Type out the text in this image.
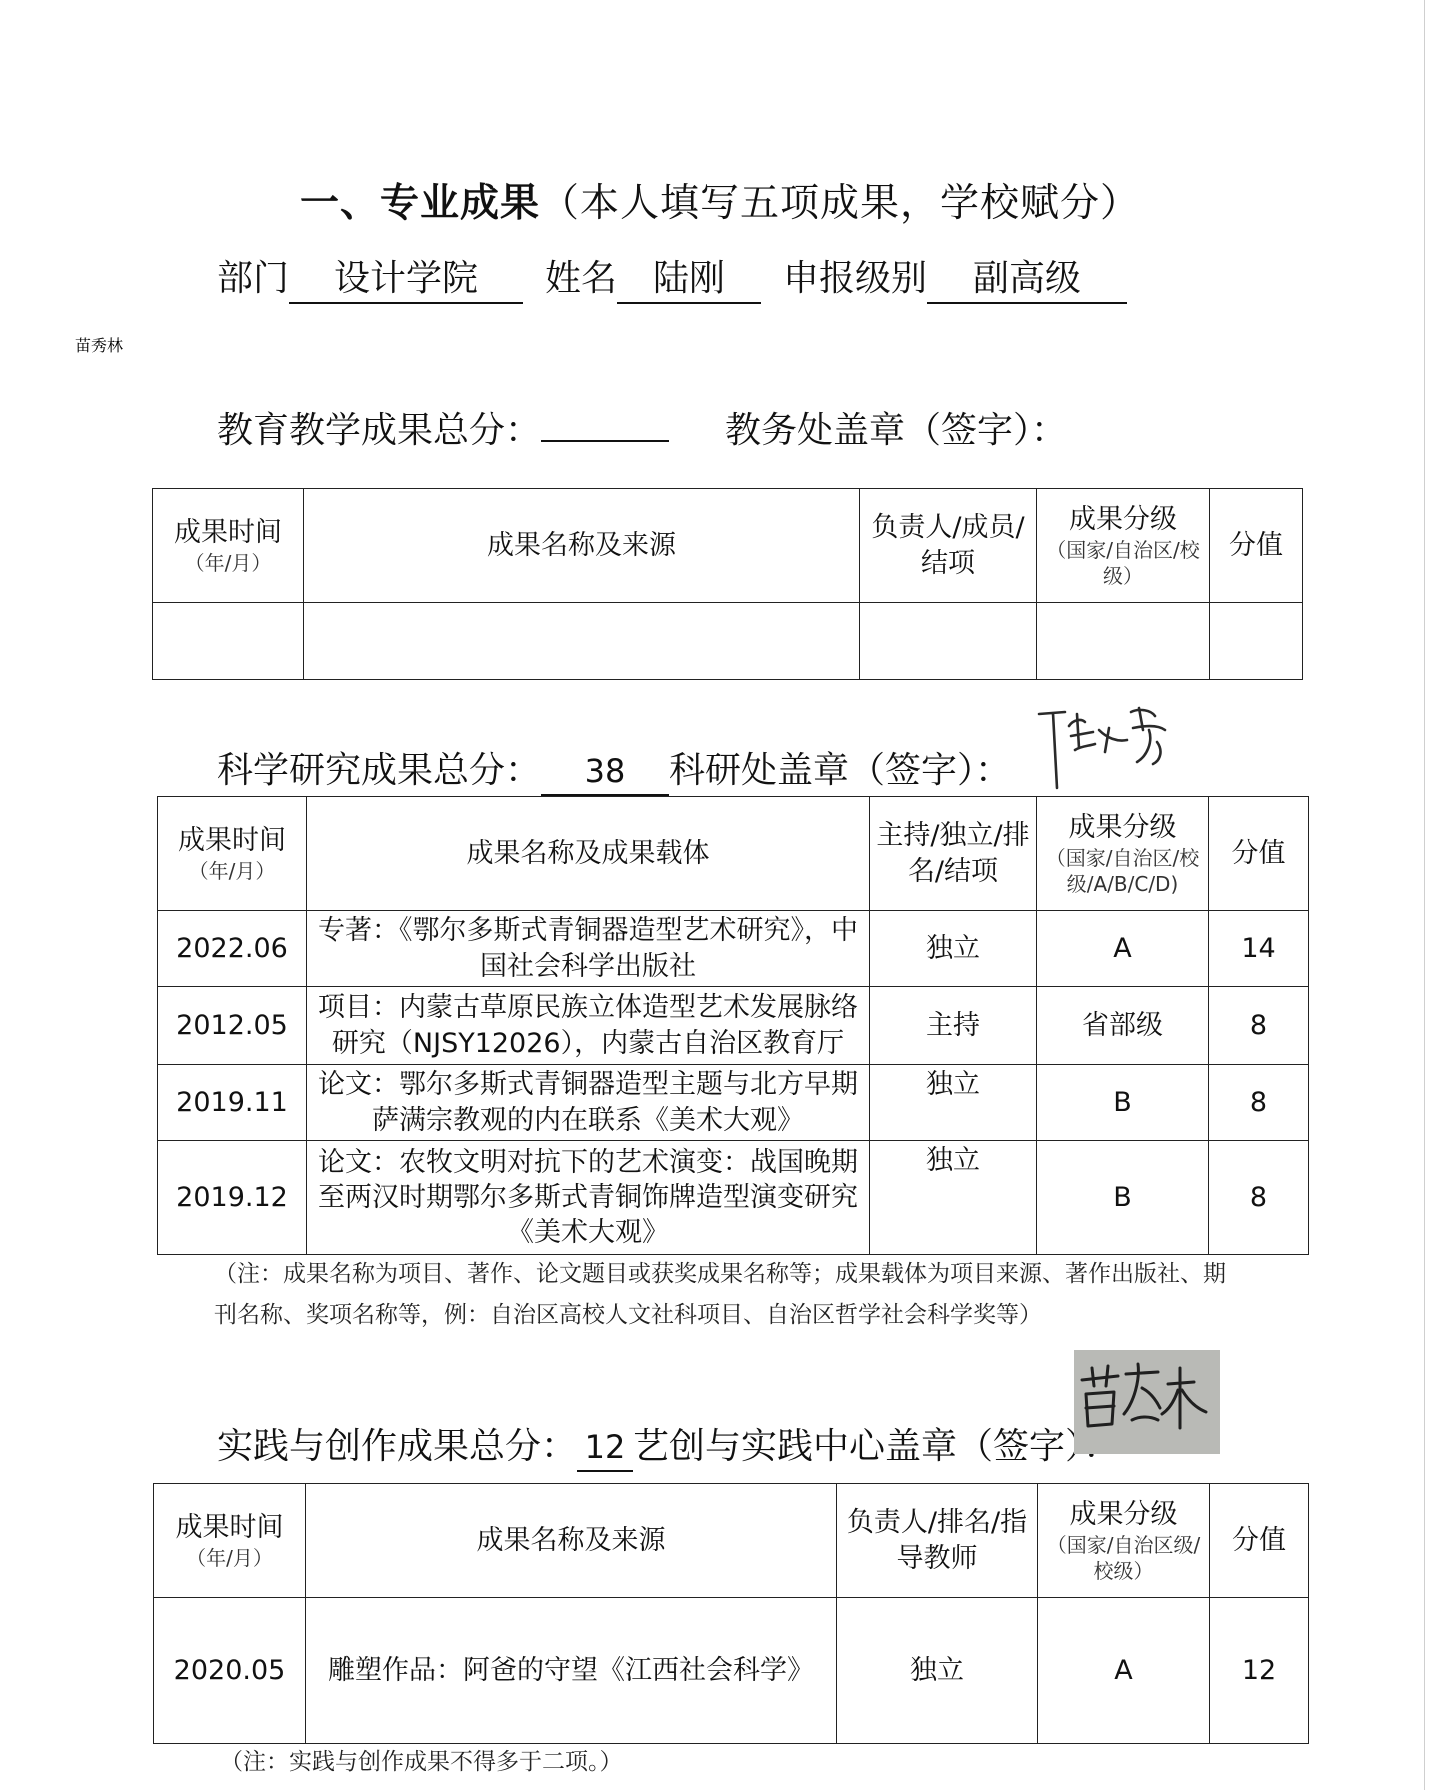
一、专业成果（本人填写五项成果，学校赋分）
部门 设计学院 姓名 陆刚 申报级别 副高级
教育教学成果总分：	教务处盖章（签字）：
成果时间
（年/月）	成果名称及来源	负责人/成员/结项	成果分级
（国家/自治区/校级）	分值

科学研究成果总分： 38 科研处盖章（签字）：
成果时间
（年/月）	成果名称及成果载体	主持/独立/排名/结项	成果分级
（国家/自治区/校级/A/B/C/D)	分值
2022.06	专著：《鄂尔多斯式青铜器造型艺术研究》，中国社会科学出版社	独立	A	14
2012.05	项目：内蒙古草原民族立体造型艺术发展脉络研究（NJSY12026），内蒙古自治区教育厅	主持	省部级	8
2019.11	论文：鄂尔多斯式青铜器造型主题与北方早期萨满宗教观的内在联系《美术大观》	独立	B	8
2019.12	论文：农牧文明对抗下的艺术演变：战国晚期至两汉时期鄂尔多斯式青铜饰牌造型演变研究《美术大观》	独立	B	8
（注：成果名称为项目、著作、论文题目或获奖成果名称等；成果载体为项目来源、著作出版社、期刊名称、奖项名称等，例：自治区高校人文社科项目、自治区哲学社会科学奖等）
实践与创作成果总分： 12 艺创与实践中心盖章（签字）：
苗秀林
成果时间
（年/月）	成果名称及来源	负责人/排名/指导教师	成果分级
（国家/自治区级/校级）	分值
2020.05	雕塑作品：阿爸的守望《江西社会科学》	独立	A	12
（注：实践与创作成果不得多于二项。）
